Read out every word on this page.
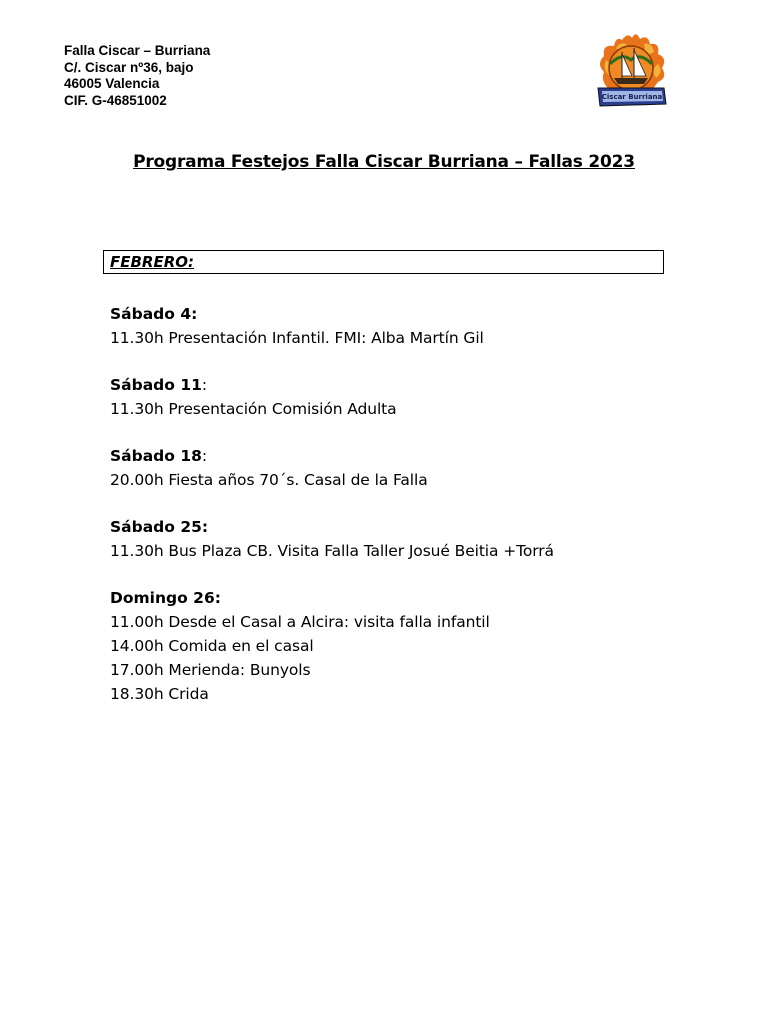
Falla Ciscar – Burriana
C/. Ciscar nº36, bajo
46005 Valencia
CIF. G-46851002	Ciscar Burriana
Programa Festejos Falla Ciscar Burriana – Fallas 2023
FEBRERO:
Sábado 4:
11.30h Presentación Infantil. FMI: Alba Martín Gil
Sábado 11:
11.30h Presentación Comisión Adulta
Sábado 18:
20.00h Fiesta años 70´s. Casal de la Falla
Sábado 25:
11.30h Bus Plaza CB. Visita Falla Taller Josué Beitia +Torrá
Domingo 26:
11.00h Desde el Casal a Alcira: visita falla infantil
14.00h Comida en el casal
17.00h Merienda: Bunyols
18.30h Crida
